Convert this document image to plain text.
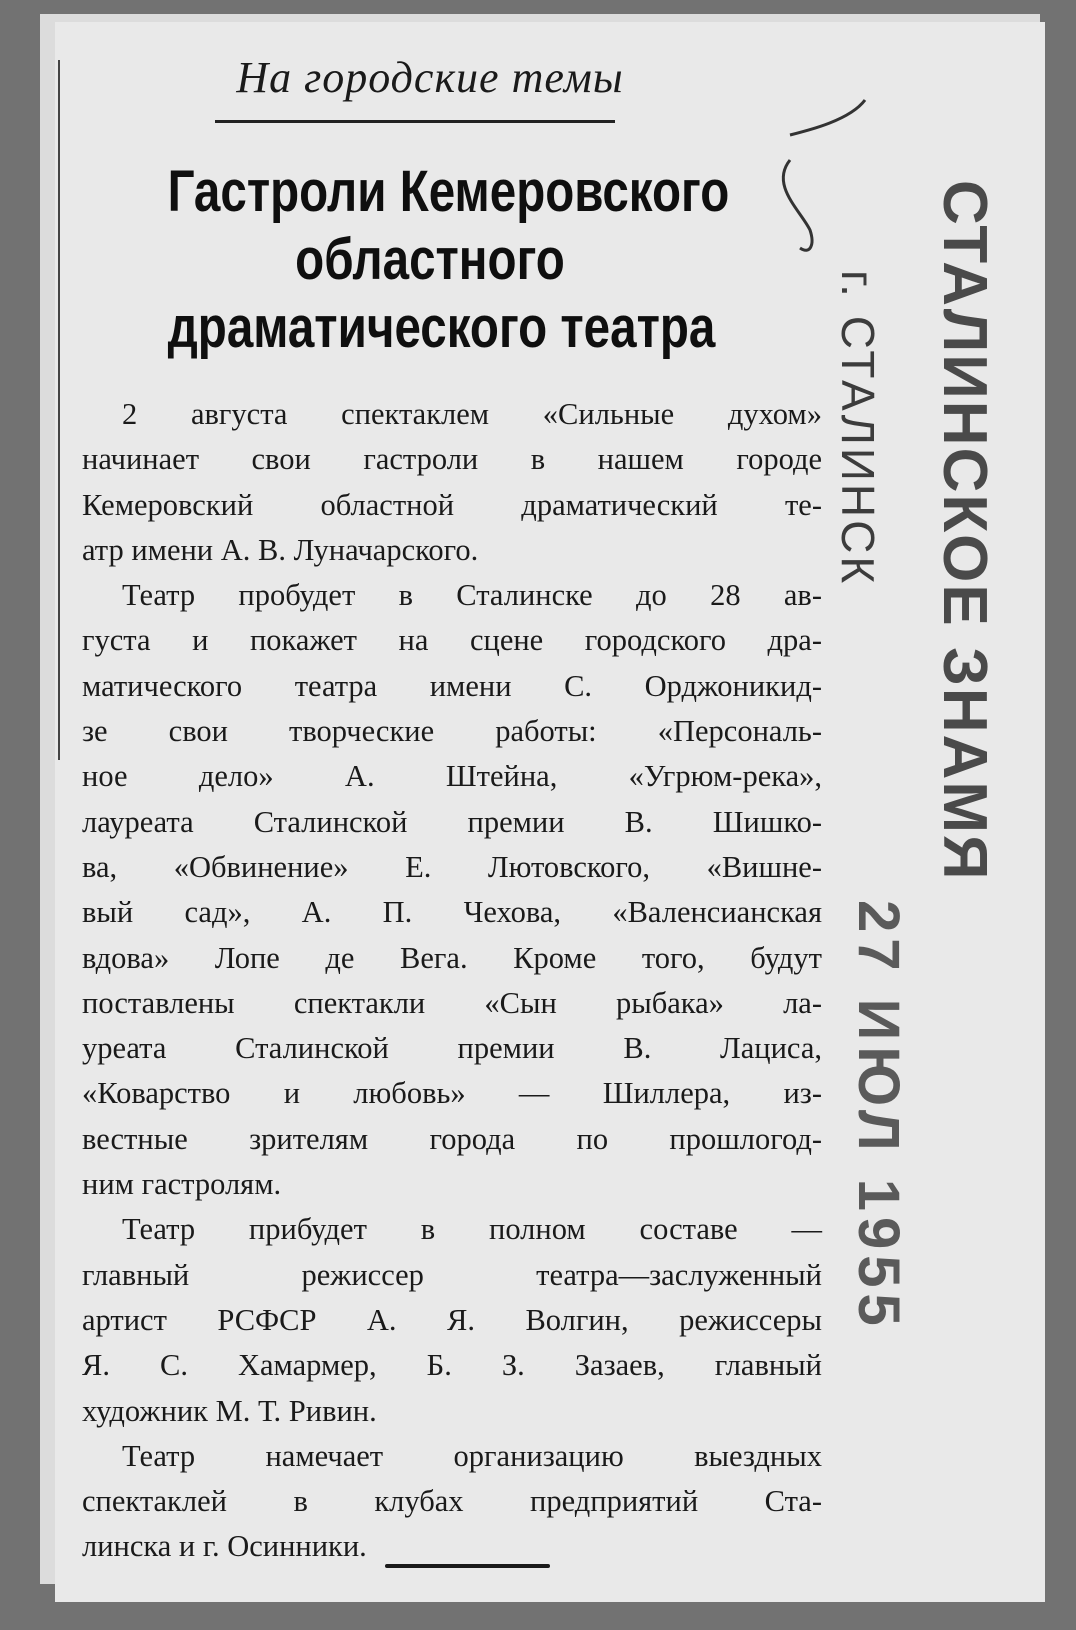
На городские темы
Гастроли Кемеровского
областного
драматического театра
2 августа спектаклем «Сильные духом»
начинает свои гастроли в нашем городе
Кемеровский областной драматический те-
атр имени А. В. Луначарского.
Театр пробудет в Сталинске до 28 ав-
густа и покажет на сцене городского дра-
матического театра имени С. Орджоникид-
зе свои творческие работы: «Персональ-
ное дело» А. Штейна, «Угрюм-река»,
лауреата Сталинской премии В. Шишко-
ва, «Обвинение» Е. Лютовского, «Вишне-
вый сад», А. П. Чехова, «Валенсианская
вдова» Лопе де Вега. Кроме того, будут
поставлены спектакли «Сын рыбака» ла-
уреата Сталинской премии В. Лациса,
«Коварство и любовь» — Шиллера, из-
вестные зрителям города по прошлогод-
ним гастролям.
Театр прибудет в полном составе —
главный режиссер театра—заслуженный
артист РСФСР А. Я. Волгин, режиссеры
Я. С. Хамармер, Б. З. Зазаев, главный
художник М. Т. Ривин.
Театр намечает организацию выездных
спектаклей в клубах предприятий Ста-
линска и г. Осинники.
СТАЛИНСКОЕ ЗНАМЯ
г. СТАЛИНСК
27 ИЮЛ 1955
